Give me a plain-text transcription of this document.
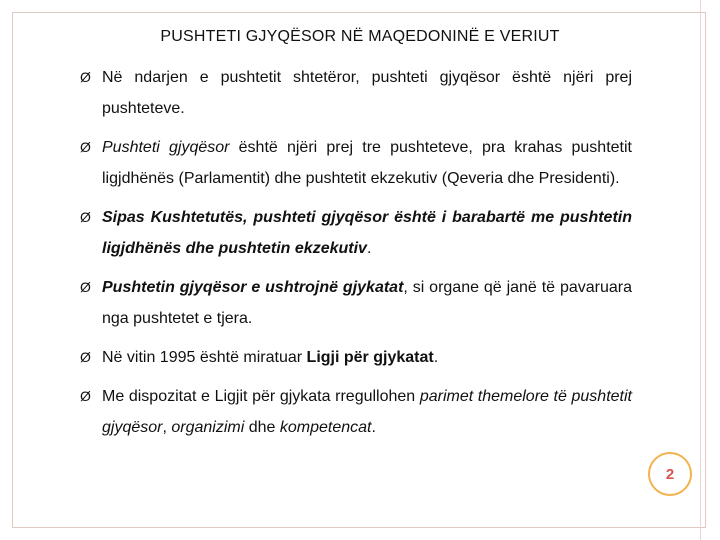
PUSHTETI GJYQËSOR NË MAQEDONINË E VERIUT
Ø Në ndarjen e pushtetit shtetëror, pushteti gjyqësor është njëri prej pushteteve.
Ø Pushteti gjyqësor është njëri prej tre pushteteve, pra krahas pushtetit ligjdhënës (Parlamentit) dhe pushtetit ekzekutiv (Qeveria dhe Presidenti).
Ø Sipas Kushtetutës, pushteti gjyqësor është i barabartë me pushtetin ligjdhënës dhe pushtetin ekzekutiv.
Ø Pushtetin gjyqësor e ushtrojnë gjykatat, si organe që janë të pavaruara nga pushtetet e tjera.
Ø Në vitin 1995 është miratuar Ligji për gjykatat.
Ø Me dispozitat e Ligjit për gjykata rregullohen parimet themelore të pushtetit gjyqësor, organizimi dhe kompetencat.
2
